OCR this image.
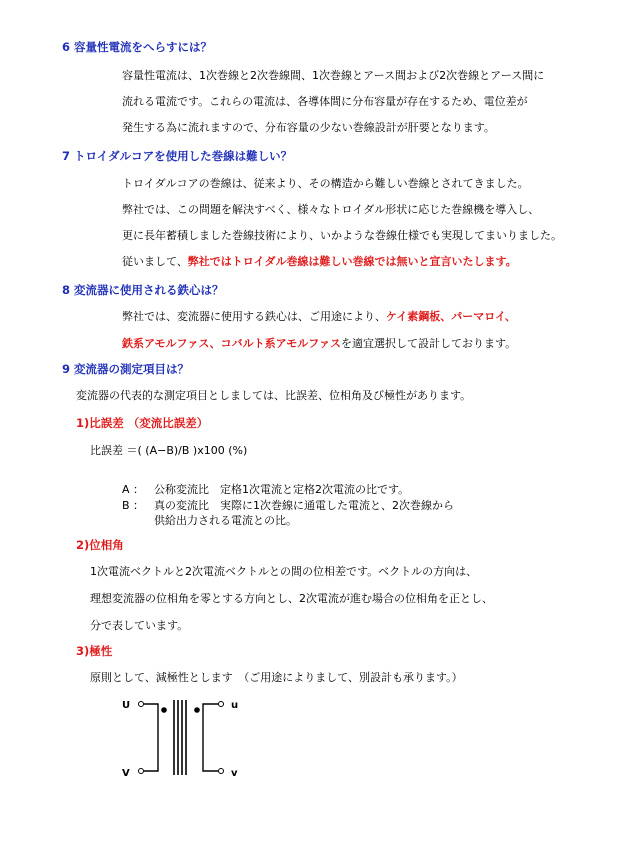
6 容量性電流をへらすには？
容量性電流は、1次巻線と2次巻線間、1次巻線とアース間および2次巻線とアース間に
流れる電流です。これらの電流は、各導体間に分布容量が存在するため、電位差が
発生する為に流れますので、分布容量の少ない巻線設計が肝要となります。
7 トロイダルコアを使用した巻線は難しい？
トロイダルコアの巻線は、従来より、その構造から難しい巻線とされてきました。
弊社では、この問題を解決すべく、様々なトロイダル形状に応じた巻線機を導入し、
更に長年蓄積しました巻線技術により、いかような巻線仕様でも実現してまいりました。
従いまして、弊社ではトロイダル巻線は難しい巻線では無いと宣言いたします。
8 変流器に使用される鉄心は？
弊社では、変流器に使用する鉄心は、ご用途により、ケイ素鋼板、パーマロイ、
鉄系アモルファス、コバルト系アモルファスを適宜選択して設計しております。
9 変流器の測定項目は？
変流器の代表的な測定項目としましては、比誤差、位相角及び極性があります。
1)比誤差 （変流比誤差）
比誤差 ＝( (A−B)/B )x100 (%)
A ： 公称変流比　定格1次電流と定格2次電流の比です。
B ： 真の変流比　実際に1次巻線に通電した電流と、2次巻線から
供給出力される電流との比。
2)位相角
1次電流ベクトルと2次電流ベクトルとの間の位相差です。ベクトルの方向は、
理想変流器の位相角を零とする方向とし、2次電流が進む場合の位相角を正とし、
分で表しています。
3)極性
原則として、減極性とします　（ご用途によりまして、別設計も承ります。）
U
V
u
v
